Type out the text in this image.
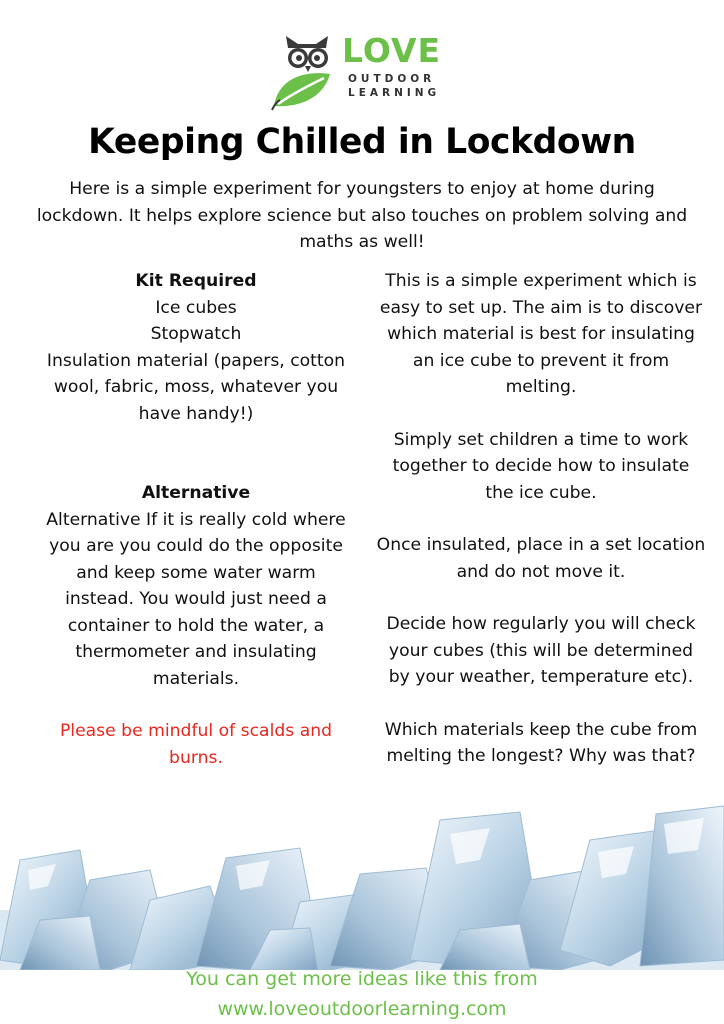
LOVE
OUTDOOR
LEARNING
Keeping Chilled in Lockdown
Here is a simple experiment for youngsters to enjoy at home during lockdown. It helps explore science but also touches on problem solving and maths as well!

Kit Required

Ice cubes

Stopwatch

Insulation material (papers, cotton wool, fabric, moss, whatever you have handy!)

Alternative

Alternative If it is really cold where you are you could do the opposite and keep some water warm instead. You would just need a container to hold the water, a thermometer and insulating materials.

Please be mindful of scalds and burns.

This is a simple experiment which is easy to set up. The aim is to discover which material is best for insulating an ice cube to prevent it from melting.

Simply set children a time to work together to decide how to insulate the ice cube.

Once insulated, place in a set location and do not move it.

Decide how regularly you will check your cubes (this will be determined by your weather, temperature etc).

Which materials keep the cube from melting the longest? Why was that?

You can get more ideas like this from
www.loveoutdoorlearning.com
